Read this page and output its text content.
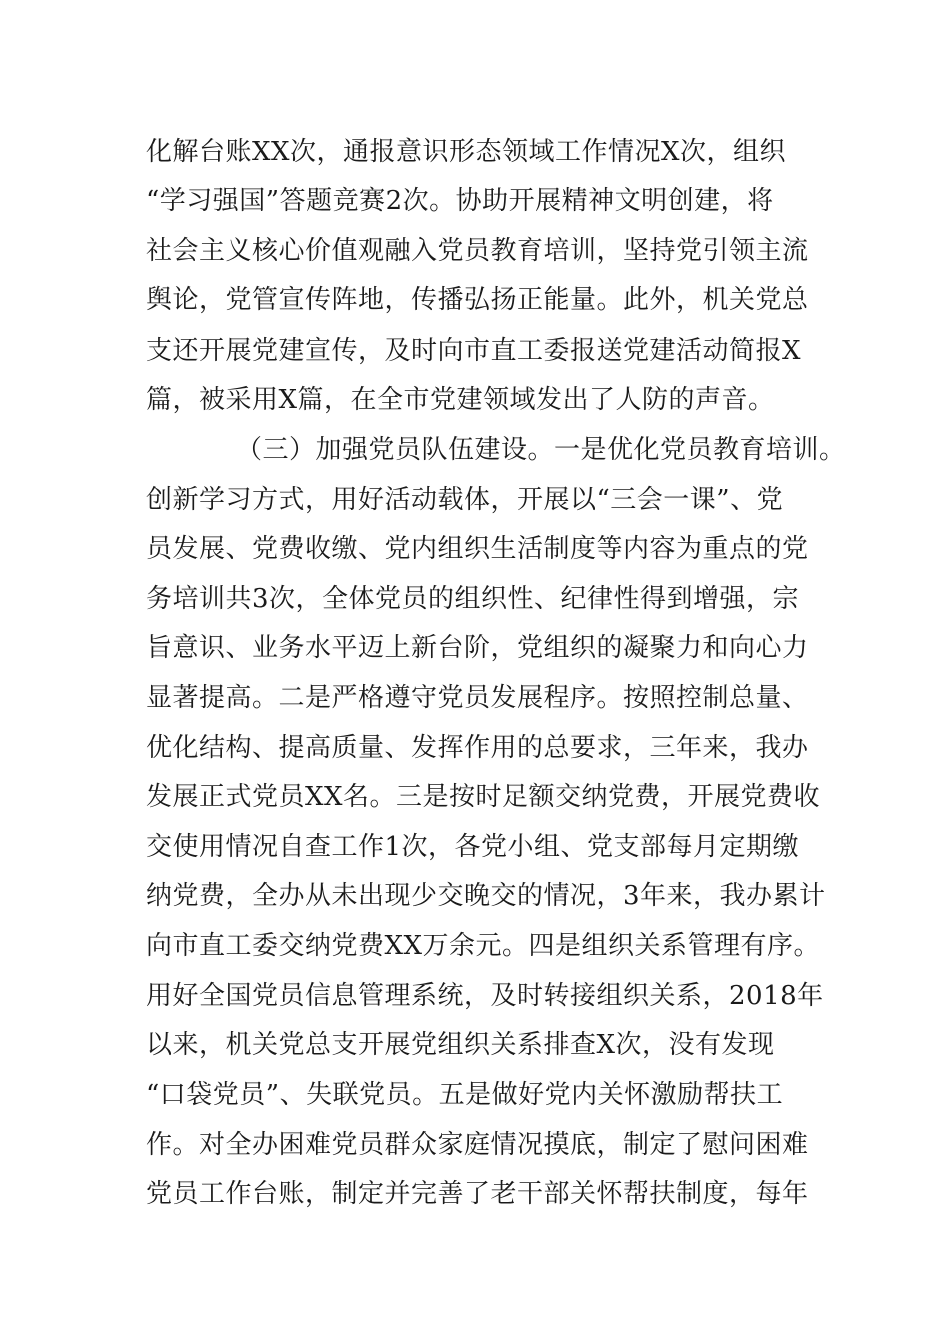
化解台账XX次，通报意识形态领域工作情况X次，组织

“学习强国”答题竞赛2次。协助开展精神文明创建，将

社会主义核心价值观融入党员教育培训，坚持党引领主流

舆论，党管宣传阵地，传播弘扬正能量。此外，机关党总

支还开展党建宣传，及时向市直工委报送党建活动简报X

篇，被采用X篇，在全市党建领域发出了人防的声音。

（三）加强党员队伍建设。一是优化党员教育培训。

创新学习方式，用好活动载体，开展以“三会一课”、党

员发展、党费收缴、党内组织生活制度等内容为重点的党

务培训共3次，全体党员的组织性、纪律性得到增强，宗

旨意识、业务水平迈上新台阶，党组织的凝聚力和向心力

显著提高。二是严格遵守党员发展程序。按照控制总量、

优化结构、提高质量、发挥作用的总要求，三年来，我办

发展正式党员XX名。三是按时足额交纳党费，开展党费收

交使用情况自查工作1次，各党小组、党支部每月定期缴

纳党费，全办从未出现少交晚交的情况，3年来，我办累计

向市直工委交纳党费XX万余元。四是组织关系管理有序。

用好全国党员信息管理系统，及时转接组织关系，2018年

以来，机关党总支开展党组织关系排查X次，没有发现

“口袋党员”、失联党员。五是做好党内关怀激励帮扶工

作。对全办困难党员群众家庭情况摸底，制定了慰问困难

党员工作台账，制定并完善了老干部关怀帮扶制度，每年
